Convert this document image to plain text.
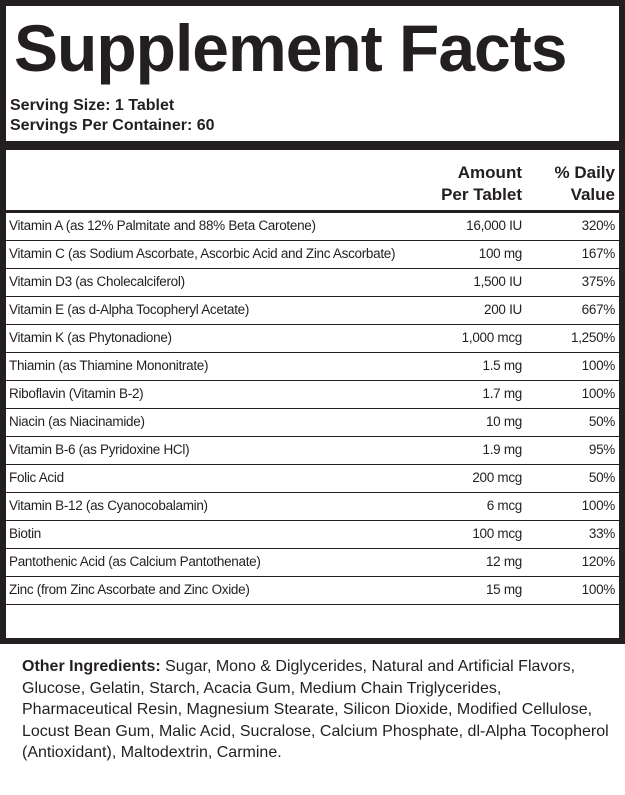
Supplement Facts
Serving Size: 1 Tablet
Servings Per Container: 60
Amount
Per Tablet
% Daily
Value
Vitamin A (as 12% Palmitate and 88% Beta Carotene)	16,000 IU	320%
Vitamin C (as Sodium Ascorbate, Ascorbic Acid and Zinc Ascorbate)	100 mg	167%
Vitamin D3 (as Cholecalciferol)	1,500 IU	375%
Vitamin E (as d-Alpha Tocopheryl Acetate)	200 IU	667%
Vitamin K (as Phytonadione)	1,000 mcg	1,250%
Thiamin (as Thiamine Mononitrate)	1.5 mg	100%
Riboflavin (Vitamin B-2)	1.7 mg	100%
Niacin (as Niacinamide)	10 mg	50%
Vitamin B-6 (as Pyridoxine HCl)	1.9 mg	95%
Folic Acid	200 mcg	50%
Vitamin B-12 (as Cyanocobalamin)	6 mcg	100%
Biotin	100 mcg	33%
Pantothenic Acid (as Calcium Pantothenate)	12 mg	120%
Zinc (from Zinc Ascorbate and Zinc Oxide)	15 mg	100%
Other Ingredients: Sugar, Mono & Diglycerides, Natural and Artificial Flavors, Glucose, Gelatin, Starch, Acacia Gum, Medium Chain Triglycerides, Pharmaceutical Resin, Magnesium Stearate, Silicon Dioxide, Modified Cellulose, Locust Bean Gum, Malic Acid, Sucralose, Calcium Phosphate, dl-Alpha Tocopherol (Antioxidant), Maltodextrin, Carmine.
